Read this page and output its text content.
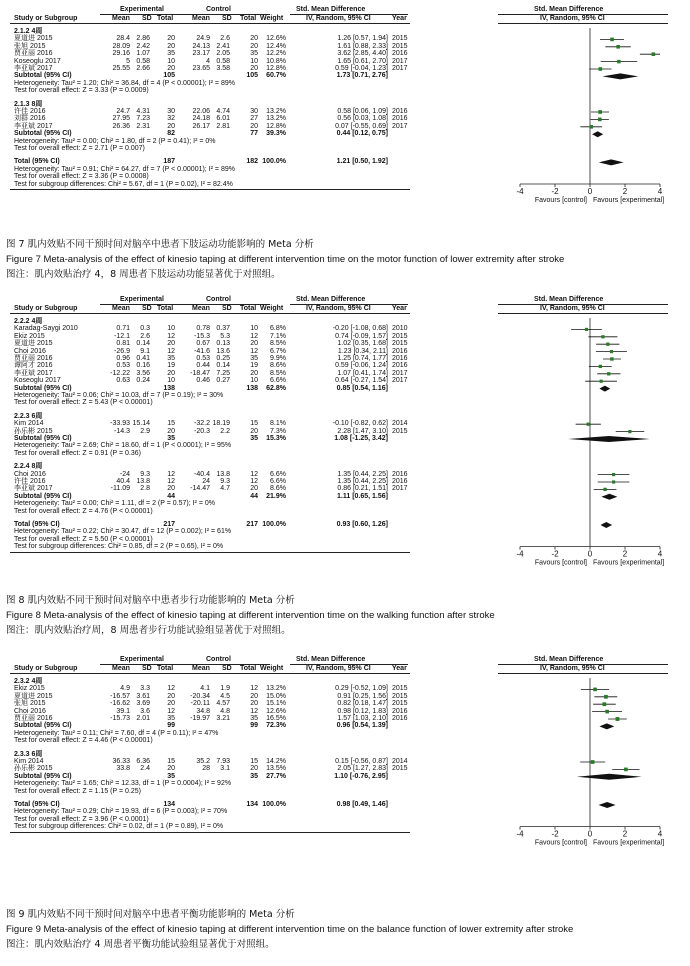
Experimental	Control	Std. Mean Difference	Std. Mean Difference
Study or Subgroup	Mean SD Total	Mean SD Total Weight	IV, Random, 95% CI	Year	IV, Random, 95% CI
2.1.2 4周
夏道进 2015	28.4 2.86	20	24.9	2.6	20	12.6%	1.26 [0.57, 1.94] 2015
张旭 2015	28.09 2.42	20	24.13 2.41	20	12.4%	1.61 [0.88, 2.33] 2015
贾亚丽 2016	29.16 1.07	35	23.17 2.05	35	12.2%	3.62 [2.85, 4.40] 2016
Koseoglu 2017	5 0.58	10	4 0.58	10	10.8%	1.65 [0.61, 2.70] 2017
李亚斌 2017	25.55 2.66	20	23.65 3.58	20	12.8%	0.59 [-0.04, 1.23] 2017
Subtotal (95% CI)	105	105	60.7%	1.73 [0.71, 2.76]
Heterogeneity: Tau² = 1.20; Chi² = 36.84, df = 4 (P < 0.00001); I² = 89%
Test for overall effect: Z = 3.33 (P = 0.0009)
2.1.3 8周
许佳 2016	24.7 4.31	30	22.06 4.74	30	13.2%	0.58 [0.06, 1.09] 2016
刘群 2016	27.95 7.23	32	24.18 6.01	27	13.2%	0.56 [0.03, 1.08] 2016
李亚斌 2017	26.36 2.31	20	26.17 2.81	20	12.8%	0.07 [-0.55, 0.69] 2017
Subtotal (95% CI)	82	77	39.3%	0.44 [0.12, 0.75]
Heterogeneity: Tau² = 0.00; Chi² = 1.80, df = 2 (P = 0.41); I² = 0%
Test for overall effect: Z = 2.71 (P = 0.007)
Total (95% CI)	187	182 100.0%	1.21 [0.50, 1.92]
Heterogeneity: Tau² = 0.91; Chi² = 64.27, df = 7 (P < 0.00001); I² = 89%
Test for overall effect: Z = 3.36 (P = 0.0008)
Test for subgroup differences: Chi² = 5.67, df = 1 (P = 0.02), I² = 82.4%
-4	-2	0	2	4
Favours [control] Favours [experimental]
图 7 肌内效贴不同干预时间对脑卒中患者下肢运动功能影响的 Meta 分析
Figure 7 Meta-analysis of the effect of kinesio taping at different intervention time on the motor function of lower extremity after stroke
图注：肌内效贴治疗 4，8 周患者下肢运动功能显著优于对照组。
Experimental	Control	Std. Mean Difference	Std. Mean Difference
Study or Subgroup	Mean SD Total	Mean SD Total Weight	IV, Random, 95% CI	Year	IV, Random, 95% CI
2.2.2 4周
Karadag-Saygi 2010	0.71	0.3	10	0.78 0.37	10	6.8%	-0.20 [-1.08, 0.68] 2010
Ekiz 2015	-12.1	2.6	12	-15.3	5.3	12	7.1%	0.74 [-0.09, 1.57] 2015
夏道进 2015	0.81 0.14	20	0.67 0.13	20	8.5%	1.02 [0.35, 1.68] 2015
Choi 2016	-26.9	9.1	12	-41.6 13.6	12	6.7%	1.23 [0.34, 2.11] 2016
贾亚丽 2016	0.96 0.41	35	0.53 0.25	35	9.9%	1.25 [0.74, 1.77] 2016
谭阿才 2016	0.53 0.16	19	0.44 0.14	19	8.6%	0.59 [-0.06, 1.24] 2016
李亚斌 2017	-12.22 3.56	20	-18.47 7.25	20	8.5%	1.07 [0.41, 1.74] 2017
Koseoglu 2017	0.63 0.24	10	0.46 0.27	10	6.6%	0.64 [-0.27, 1.54] 2017
Subtotal (95% CI)	138	138	62.8%	0.85 [0.54, 1.16]
Heterogeneity: Tau² = 0.06; Chi² = 10.03, df = 7 (P = 0.19); I² = 30%
Test for overall effect: Z = 5.43 (P < 0.00001)
2.2.3 6周
Kim 2014	-33.93 15.14	15	-32.2 18.19	15	8.1%	-0.10 [-0.82, 0.62] 2014
孙乐彬 2015	-14.3	2.9	20	-20.3	2.2	20	7.3%	2.28 [1.47, 3.10] 2015
Subtotal (95% CI)	35	35	15.3%	1.08 [-1.25, 3.42]
Heterogeneity: Tau² = 2.69; Chi² = 18.60, df = 1 (P < 0.0001); I² = 95%
Test for overall effect: Z = 0.91 (P = 0.36)
2.2.4 8周
Choi 2016	-24	9.3	12	-40.4 13.8	12	6.6%	1.35 [0.44, 2.25] 2016
许佳 2016	40.4 13.8	12	24	9.3	12	6.6%	1.35 [0.44, 2.25] 2016
李亚斌 2017	-11.09	2.8	20	-14.47	4.7	20	8.6%	0.86 [0.21, 1.51] 2017
Subtotal (95% CI)	44	44	21.9%	1.11 [0.65, 1.56]
Heterogeneity: Tau² = 0.00; Chi² = 1.11, df = 2 (P = 0.57); I² = 0%
Test for overall effect: Z = 4.76 (P < 0.00001)
Total (95% CI)	217	217 100.0%	0.93 [0.60, 1.26]
Heterogeneity: Tau² = 0.22; Chi² = 30.47, df = 12 (P = 0.002); I² = 61%
Test for overall effect: Z = 5.50 (P < 0.00001)
Test for subgroup differences: Chi² = 0.85, df = 2 (P = 0.65), I² = 0%
-4	-2	0	2	4
Favours [control] Favours [experimental]
图 8 肌内效贴不同干预时间对脑卒中患者步行功能影响的 Meta 分析
Figure 8 Meta-analysis of the effect of kinesio taping at different intervention time on the walking function after stroke
图注：肌内效贴治疗周，8 周患者步行功能试验组显著优于对照组。
Experimental	Control	Std. Mean Difference	Std. Mean Difference
Study or Subgroup	Mean SD Total	Mean SD Total Weight	IV, Random, 95% CI	Year	IV, Random, 95% CI
2.3.2 4周
Ekiz 2015	4.9	3.3	12	4.1	1.9	12	13.2%	0.29 [-0.52, 1.09] 2015
夏道进 2015	-16.57 3.61	20	-20.34	4.5	20	15.0%	0.91 [0.25, 1.56] 2015
张旭 2015	-16.62 3.69	20	-20.11 4.57	20	15.1%	0.82 [0.18, 1.47] 2015
Choi 2016	39.1	3.6	12	34.8	4.8	12	12.6%	0.98 [0.12, 1.83] 2016
贾亚丽 2016	-15.73 2.01	35	-19.97 3.21	35	16.5%	1.57 [1.03, 2.10] 2016
Subtotal (95% CI)	99	99	72.3%	0.96 [0.54, 1.39]
Heterogeneity: Tau² = 0.11; Chi² = 7.60, df = 4 (P = 0.11); I² = 47%
Test for overall effect: Z = 4.46 (P < 0.00001)
2.3.3 6周
Kim 2014	36.33 6.36	15	35.2 7.93	15	14.2%	0.15 [-0.56, 0.87] 2014
孙乐彬 2015	33.8	2.4	20	28	3.1	20	13.5%	2.05 [1.27, 2.83] 2015
Subtotal (95% CI)	35	35	27.7%	1.10 [-0.76, 2.95]
Heterogeneity: Tau² = 1.65; Chi² = 12.33, df = 1 (P = 0.0004); I² = 92%
Test for overall effect: Z = 1.15 (P = 0.25)
Total (95% CI)	134	134 100.0%	0.98 [0.49, 1.46]
Heterogeneity: Tau² = 0.29; Chi² = 19.93, df = 6 (P = 0.003); I² = 70%
Test for overall effect: Z = 3.96 (P < 0.0001)
Test for subgroup differences: Chi² = 0.02, df = 1 (P = 0.89), I² = 0%
-4	-2	0	2	4
Favours [control] Favours [experimental]
图 9 肌内效贴不同干预时间对脑卒中患者平衡功能影响的 Meta 分析
Figure 9 Meta-analysis of the effect of kinesio taping at different intervention time on the balance function of lower extremity after stroke
图注：肌内效贴治疗 4 周患者平衡功能试验组显著优于对照组。
